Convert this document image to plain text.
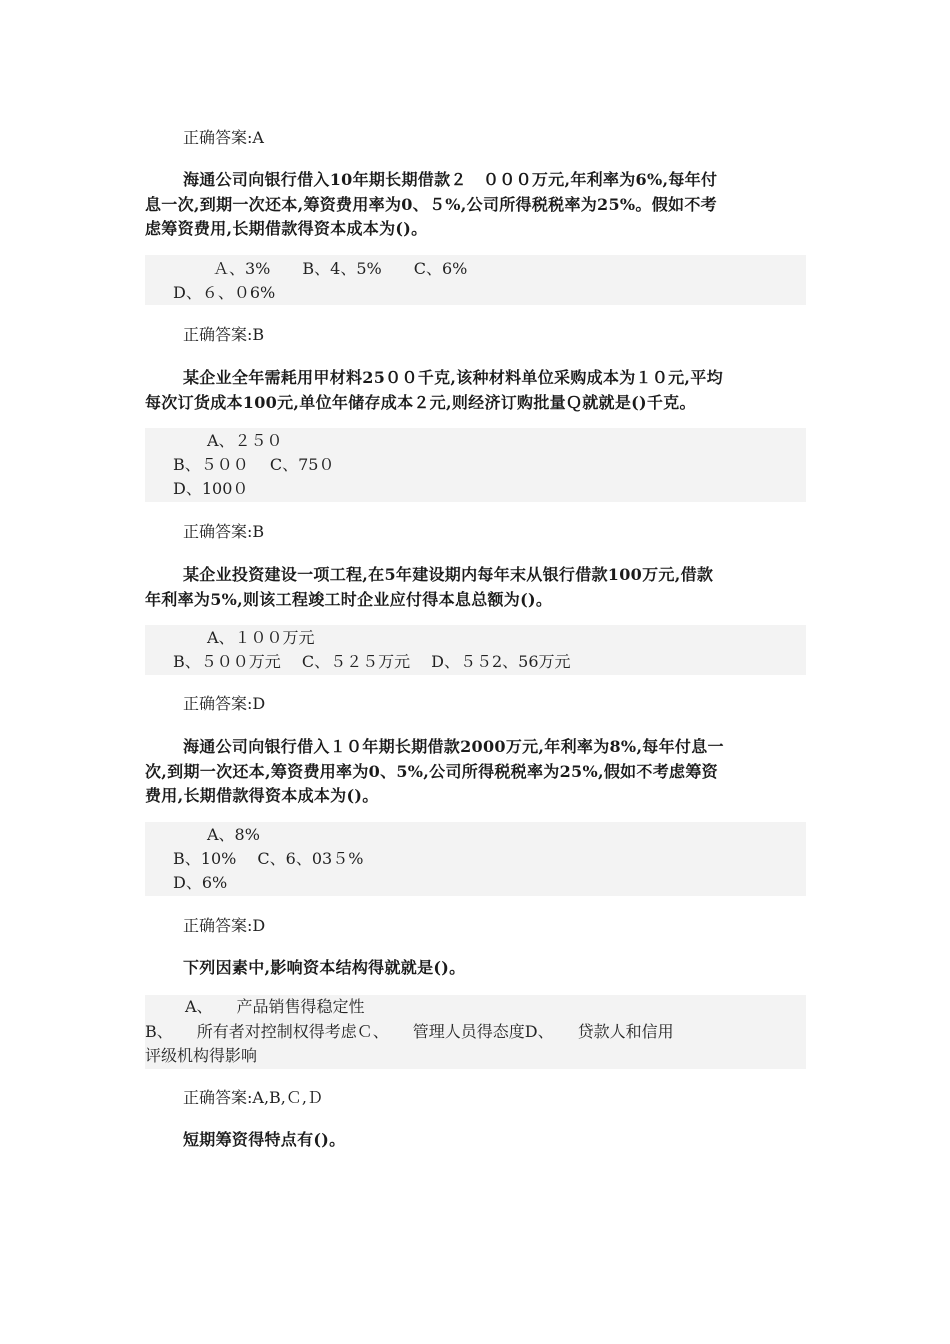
正确答案:A
海通公司向银行借入10年期长期借款２　０００万元,年利率为6%,每年付
息一次,到期一次还本,筹资费用率为0、５%,公司所得税税率为25%。假如不考
虑筹资费用,长期借款得资本成本为()。
　　Ａ、3%　　B、4、5%　　C、6%
D、６、０6%
正确答案:B
某企业全年需耗用甲材料25００千克,该种材料单位采购成本为１０元,平均
每次订货成本100元,单位年储存成本２元,则经济订购批量Ｑ就就是()千克。
　　A、２５０
B、５００　 C、75０
D、100０
正确答案:B
某企业投资建设一项工程,在5年建设期内每年末从银行借款100万元,借款
年利率为5%,则该工程竣工时企业应付得本息总额为()。
　　A、１００万元
B、５００万元　 C、５２５万元　 D、５５2、56万元
正确答案:D
海通公司向银行借入１０年期长期借款2000万元,年利率为8%,每年付息一
次,到期一次还本,筹资费用率为0、5%,公司所得税税率为25%,假如不考虑筹资
费用,长期借款得资本成本为()。
　　A、8%
B、10%　 C、6、03５%
D、6%
正确答案:D
下列因素中,影响资本结构得就就是()。
　A、　　产品销售得稳定性
B、　　所有者对控制权得考虑Ｃ、　　管理人员得态度D、　　贷款人和信用
评级机构得影响
正确答案:A,B,Ｃ,Ｄ
短期筹资得特点有()。
